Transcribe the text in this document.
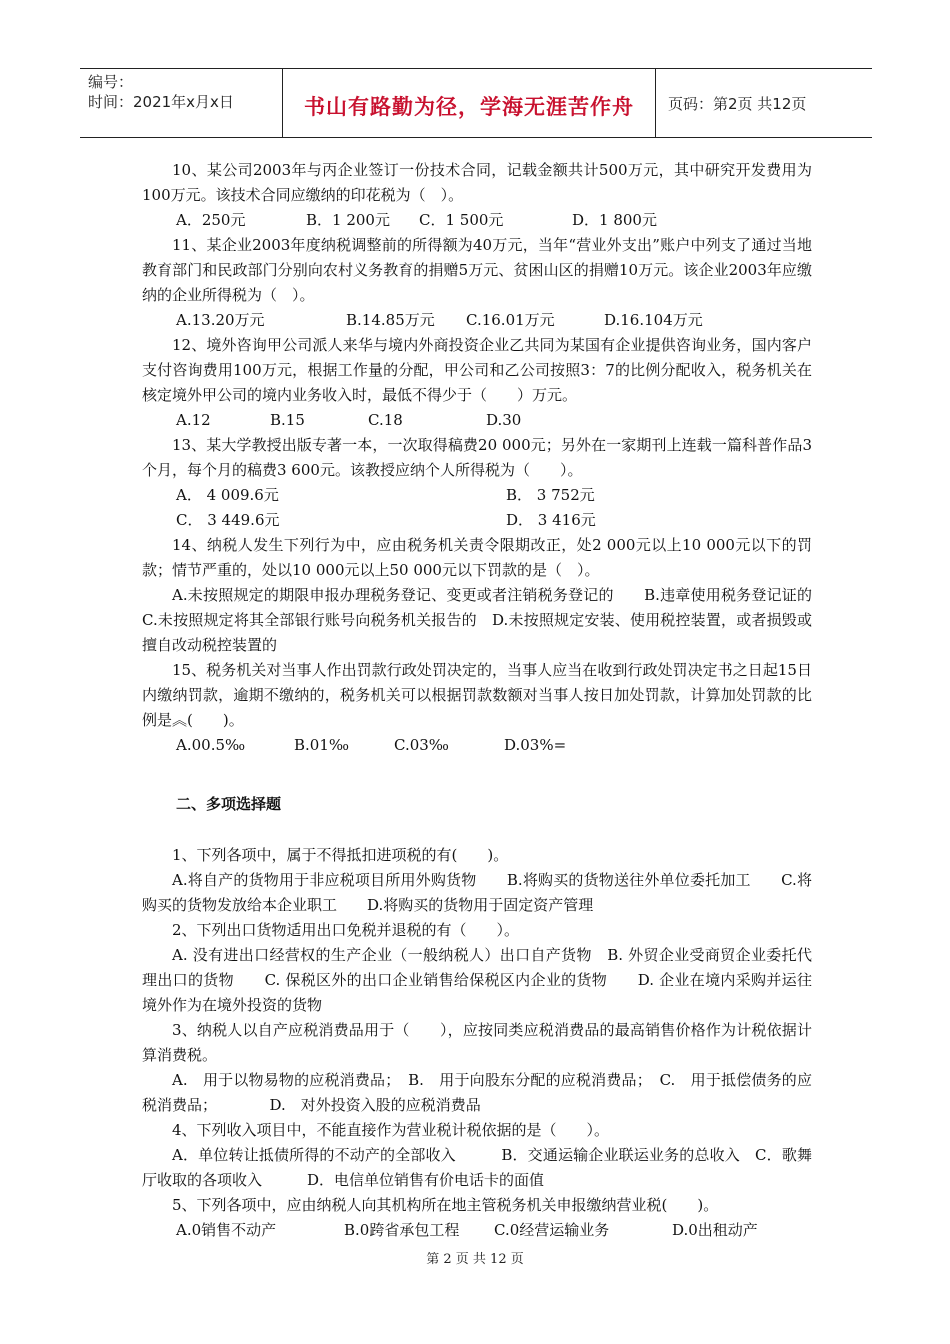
编号：
时间：2021年x月x日	书山有路勤为径，学海无涯苦作舟	页码：第2页 共12页

10、某公司2003年与丙企业签订一份技术合同，记载金额共计500万元，其中研究开发费用为100万元。该技术合同应缴纳的印花税为（　）。

A．250元	B．1 200元	C．1 500元	D．1 800元

11、某企业2003年度纳税调整前的所得额为40万元，当年“营业外支出”账户中列支了通过当地教育部门和民政部门分别向农村义务教育的捐赠5万元、贫困山区的捐赠10万元。该企业2003年应缴纳的企业所得税为（　）。

A.13.20万元	B.14.85万元	C.16.01万元	D.16.104万元

12、境外咨询甲公司派人来华与境内外商投资企业乙共同为某国有企业提供咨询业务，国内客户支付咨询费用100万元，根据工作量的分配，甲公司和乙公司按照3：7的比例分配收入，税务机关在核定境外甲公司的境内业务收入时，最低不得少于（　　）万元。

A.12	B.15	C.18	D.30

13、某大学教授出版专著一本，一次取得稿费20 000元；另外在一家期刊上连载一篇科普作品3个月，每个月的稿费3 600元。该教授应纳个人所得税为（　　）。

A． 4 009.6元	B． 3 752元
C． 3 449.6元	D． 3 416元

14、纳税人发生下列行为中，应由税务机关责令限期改正，处2 000元以上10 000元以下的罚款；情节严重的，处以10 000元以上50 000元以下罚款的是（　）。

A.未按照规定的期限申报办理税务登记、变更或者注销税务登记的　　B.违章使用税务登记证的　　C.未按照规定将其全部银行账号向税务机关报告的　D.未按照规定安装、使用税控装置，或者损毁或擅自改动税控装置的

15、税务机关对当事人作出罚款行政处罚决定的，当事人应当在收到行政处罚决定书之日起15日内缴纳罚款，逾期不缴纳的，税务机关可以根据罚款数额对当事人按日加处罚款，计算加处罚款的比例是︽(　　)。

A.00.5‰	B.01‰	C.03‰	D.03%=
二、多项选择题

1、下列各项中，属于不得抵扣进项税的有(　　)。

A.将自产的货物用于非应税项目所用外购货物　　B.将购买的货物送往外单位委托加工　　C.将购买的货物发放给本企业职工　　D.将购买的货物用于固定资产管理

2、下列出口货物适用出口免税并退税的有（　　）。

A. 没有进出口经营权的生产企业（一般纳税人）出口自产货物　B. 外贸企业受商贸企业委托代理出口的货物　　C. 保税区外的出口企业销售给保税区内企业的货物　　D. 企业在境内采购并运往境外作为在境外投资的货物

3、纳税人以自产应税消费品用于（　　），应按同类应税消费品的最高销售价格作为计税依据计算消费税。

A.　用于以物易物的应税消费品；　B.　用于向股东分配的应税消费品；　C.　用于抵偿债务的应税消费品；　　　　D.　对外投资入股的应税消费品

4、下列收入项目中，不能直接作为营业税计税依据的是（　　）。

A．单位转让抵债所得的不动产的全部收入　　　B．交通运输企业联运业务的总收入　C．歌舞厅收取的各项收入　　　D．电信单位销售有价电话卡的面值

5、下列各项中，应由纳税人向其机构所在地主管税务机关申报缴纳营业税(　　)。

A.0销售不动产	B.0跨省承包工程	C.0经营运输业务	D.0出租动产
第 2 页 共 12 页
